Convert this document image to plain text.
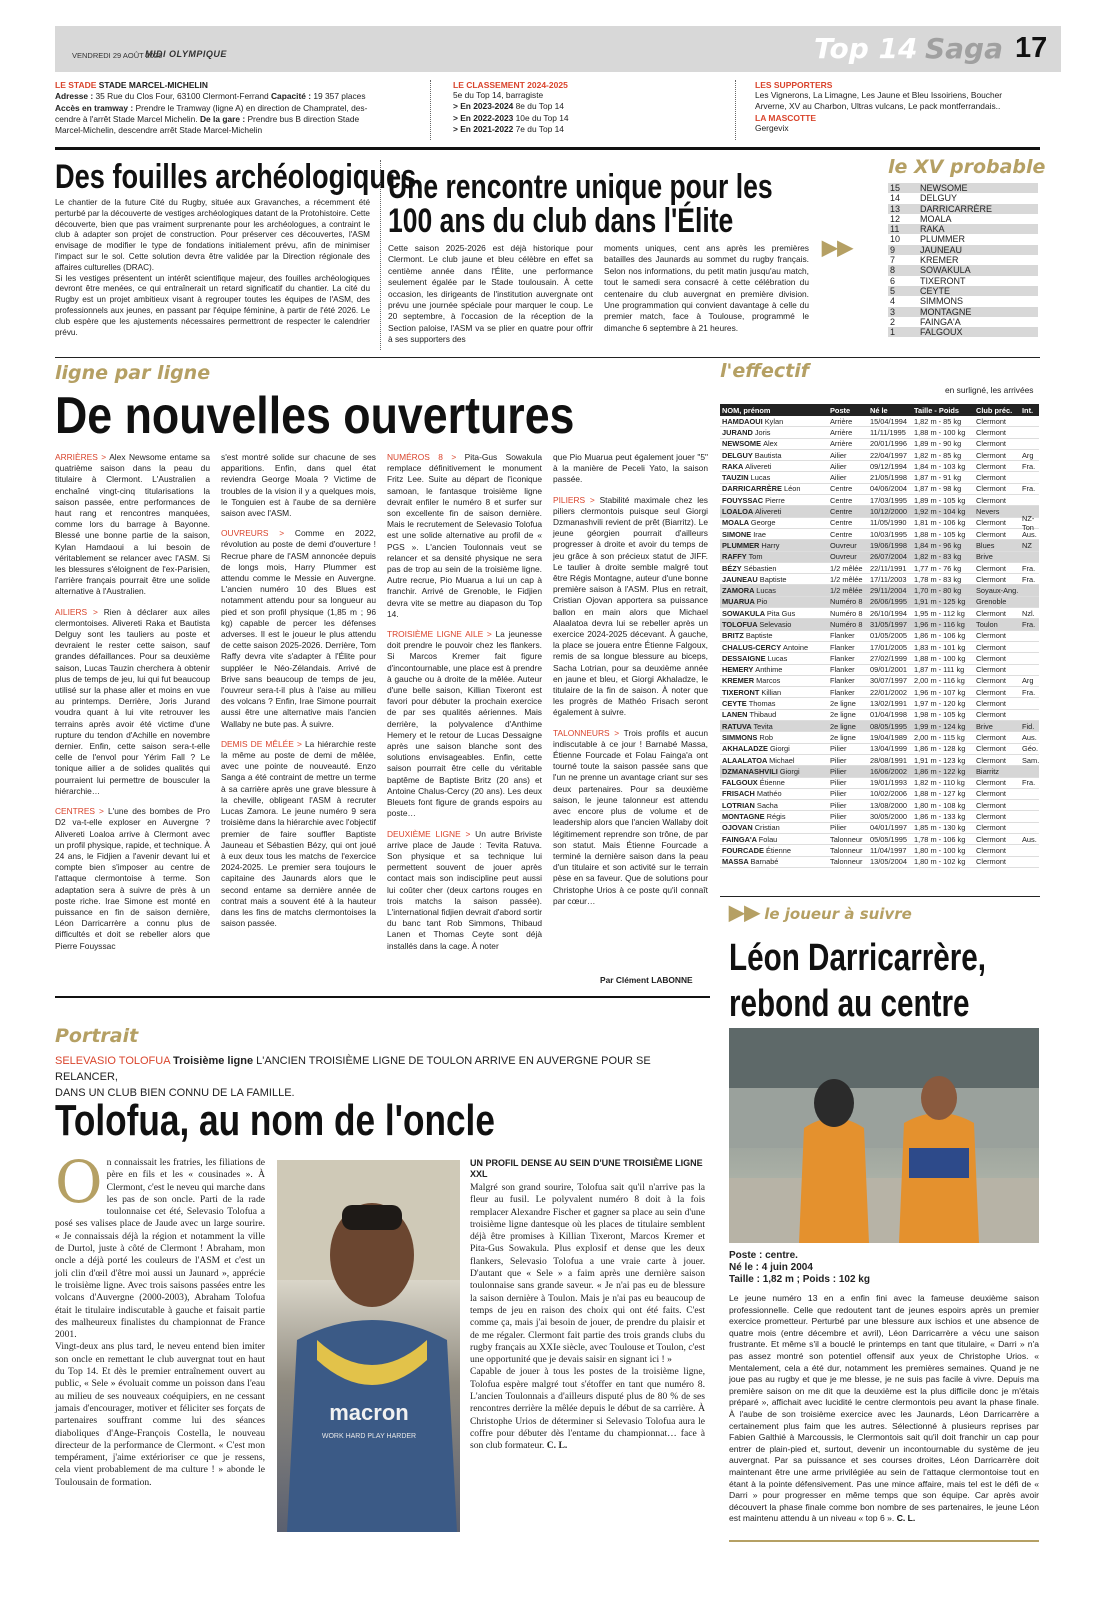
VENDREDI 29 AOÛT 2025
MIDI OLYMPIQUE	Top 14 Saga 17
LE STADE STADE MARCEL-MICHELIN
Adresse : 35 Rue du Clos Four, 63100 Clermont-Ferrand Capacité : 19 357 places
Accès en tramway : Prendre le Tramway (ligne A) en direction de Champratel, des-
cendre à l'arrêt Stade Marcel Michelin. De la gare : Prendre bus B direction Stade
Marcel-Michelin, descendre arrêt Stade Marcel-Michelin
LE CLASSEMENT 2024-2025
5e du Top 14, barragiste
> En 2023-2024 8e du Top 14
> En 2022-2023 10e du Top 14
> En 2021-2022 7e du Top 14
LES SUPPORTERS
Les Vignerons, La Limagne, Les Jaune et Bleu Issoiriens, Boucher
Arverne, XV au Charbon, Ultras vulcans, Le pack montferrandais..
LA MASCOTTE
Gergevix
Des fouilles archéologiques

Le chantier de la future Cité du Rugby, située aux Gravanches, a récemment été perturbé par la découverte de vestiges archéologiques datant de la Protohistoire. Cette découverte, bien que pas vraiment surprenante pour les archéologues, a contraint le club à adapter son projet de construction. Pour préserver ces découvertes, l'ASM envisage de modifier le type de fondations initialement prévu, afin de minimiser l'impact sur le sol. Cette solution devra être validée par la Direction régionale des affaires culturelles (DRAC).

Si les vestiges présentent un intérêt scientifique majeur, des fouilles archéologiques devront être menées, ce qui entraînerait un retard significatif du chantier. La cité du Rugby est un projet ambitieux visant à regrouper toutes les équipes de l'ASM, des professionnels aux jeunes, en passant par l'équipe féminine, à partir de l'été 2026. Le club espère que les ajustements nécessaires permettront de respecter le calendrier prévu.

Une rencontre unique pour les 100 ans du club dans l'Élite
Cette saison 2025-2026 est déjà historique pour Clermont. Le club jaune et bleu célèbre en effet sa centième année dans l'Élite, une performance seulement égalée par le Stade toulousain. À cette occasion, les dirigeants de l'institution auvergnate ont prévu une journée spéciale pour marquer le coup. Le 20 septembre, à l'occasion de la réception de la Section paloise, l'ASM va se plier en quatre pour offrir à ses supporters des
moments uniques, cent ans après les premières batailles des Jaunards au sommet du rugby français. Selon nos informations, du petit matin jusqu'au match, tout le samedi sera consacré à cette célébration du centenaire du club auvergnat en première division. Une programmation qui convient davantage à celle du premier match, face à Toulouse, programmé le dimanche 6 septembre à 21 heures.
▶▶
le XV probable
15	NEWSOME
14	DELGUY
13	DARRICARRÈRE
12	MOALA
11	RAKA
10	PLUMMER
9	JAUNEAU
7	KREMER
8	SOWAKULA
6	TIXERONT
5	CEYTE
4	SIMMONS
3	MONTAGNE
2	FAINGA'A
1	FALGOUX
ligne par ligne
De nouvelles ouvertures

ARRIÈRES > Alex Newsome entame sa quatrième saison dans la peau du titulaire à Clermont. L'Australien a enchaîné vingt-cinq titularisations la saison passée, entre performances de haut rang et rencontres manquées, comme lors du barrage à Bayonne. Blessé une bonne partie de la saison, Kylan Hamdaoui a lui besoin de véritablement se relancer avec l'ASM. Si les blessures s'éloignent de l'ex-Parisien, l'arrière français pourrait être une solide alternative à l'Australien.

AILIERS > Rien à déclarer aux ailes clermontoises. Alivereti Raka et Bautista Delguy sont les tauliers au poste et devraient le rester cette saison, sauf grandes défaillances. Pour sa deuxième saison, Lucas Tauzin cherchera à obtenir plus de temps de jeu, lui qui fut beaucoup utilisé sur la phase aller et moins en vue au printemps. Derrière, Joris Jurand voudra quant à lui vite retrouver les terrains après avoir été victime d'une rupture du tendon d'Achille en novembre dernier. Enfin, cette saison sera-t-elle celle de l'envol pour Yérim Fall ? Le tonique ailier a de solides qualités qui pourraient lui permettre de bousculer la hiérarchie…

CENTRES > L'une des bombes de Pro D2 va-t-elle exploser en Auvergne ? Alivereti Loaloa arrive à Clermont avec un profil physique, rapide, et technique. À 24 ans, le Fidjien a l'avenir devant lui et compte bien s'imposer au centre de l'attaque clermontoise à terme. Son adaptation sera à suivre de près à un poste riche. Irae Simone est monté en puissance en fin de saison dernière, Léon Darricarrère a connu plus de difficultés et doit se rebeller alors que Pierre Fouyssac

s'est montré solide sur chacune de ses apparitions. Enfin, dans quel état reviendra George Moala ? Victime de troubles de la vision il y a quelques mois, le Tonguien est à l'aube de sa dernière saison avec l'ASM.

OUVREURS > Comme en 2022, révolution au poste de demi d'ouverture ! Recrue phare de l'ASM annoncée depuis de longs mois, Harry Plummer est attendu comme le Messie en Auvergne. L'ancien numéro 10 des Blues est notamment attendu pour sa longueur au pied et son profil physique (1,85 m ; 96 kg) capable de percer les défenses adverses. Il est le joueur le plus attendu de cette saison 2025-2026. Derrière, Tom Raffy devra vite s'adapter à l'Élite pour suppléer le Néo-Zélandais. Arrivé de Brive sans beaucoup de temps de jeu, l'ouvreur sera-t-il plus à l'aise au milieu des volcans ? Enfin, Irae Simone pourrait aussi être une alternative mais l'ancien Wallaby ne bute pas. À suivre.

DEMIS DE MÊLÉE > La hiérarchie reste la même au poste de demi de mêlée, avec une pointe de nouveauté. Enzo Sanga a été contraint de mettre un terme à sa carrière après une grave blessure à la cheville, obligeant l'ASM à recruter Lucas Zamora. Le jeune numéro 9 sera troisième dans la hiérarchie avec l'objectif premier de faire souffler Baptiste Jauneau et Sébastien Bézy, qui ont joué à eux deux tous les matchs de l'exercice 2024-2025. Le premier sera toujours le capitaine des Jaunards alors que le second entame sa dernière année de contrat mais a souvent été à la hauteur dans les fins de matchs clermontoises la saison passée.

NUMÉROS 8 > Pita-Gus Sowakula remplace définitivement le monument Fritz Lee. Suite au départ de l'iconique samoan, le fantasque troisième ligne devrait enfiler le numéro 8 et surfer sur son excellente fin de saison dernière. Mais le recrutement de Selevasio Tolofua est une solide alternative au profil de « PGS ». L'ancien Toulonnais veut se relancer et sa densité physique ne sera pas de trop au sein de la troisième ligne. Autre recrue, Pio Muarua a lui un cap à franchir. Arrivé de Grenoble, le Fidjien devra vite se mettre au diapason du Top 14.

TROISIÈME LIGNE AILE > La jeunesse doit prendre le pouvoir chez les flankers. Si Marcos Kremer fait figure d'incontournable, une place est à prendre à gauche ou à droite de la mêlée. Auteur d'une belle saison, Killian Tixeront est favori pour débuter la prochain exercice de par ses qualités aériennes. Mais derrière, la polyvalence d'Anthime Hemery et le retour de Lucas Dessaigne après une saison blanche sont des solutions envisageables. Enfin, cette saison pourrait être celle du véritable baptême de Baptiste Britz (20 ans) et Antoine Chalus-Cercy (20 ans). Les deux Bleuets font figure de grands espoirs au poste…

DEUXIÈME LIGNE > Un autre Briviste arrive place de Jaude : Tevita Ratuva. Son physique et sa technique lui permettent souvent de jouer après contact mais son indiscipline peut aussi lui coûter cher (deux cartons rouges en trois matchs la saison passée). L'international fidjien devrait d'abord sortir du banc tant Rob Simmons, Thibaud Lanen et Thomas Ceyte sont déjà installés dans la cage. À noter

que Pio Muarua peut également jouer "5" à la manière de Peceli Yato, la saison passée.

PILIERS > Stabilité maximale chez les piliers clermontois puisque seul Giorgi Dzmanashvili revient de prêt (Biarritz). Le jeune géorgien pourrait d'ailleurs progresser à droite et avoir du temps de jeu grâce à son précieux statut de JIFF. Le taulier à droite semble malgré tout être Régis Montagne, auteur d'une bonne première saison à l'ASM. Plus en retrait, Cristian Ojovan apportera sa puissance ballon en main alors que Michael Alaalatoa devra lui se rebeller après un exercice 2024-2025 décevant. À gauche, la place se jouera entre Étienne Falgoux, remis de sa longue blessure au biceps, Sacha Lotrian, pour sa deuxième année en jaune et bleu, et Giorgi Akhaladze, le titulaire de la fin de saison. À noter que les progrès de Mathéo Frisach seront également à suivre.

TALONNEURS > Trois profils et aucun indiscutable à ce jour ! Barnabé Massa, Étienne Fourcade et Folau Fainga'a ont tourné toute la saison passée sans que l'un ne prenne un avantage criant sur ses deux partenaires. Pour sa deuxième saison, le jeune talonneur est attendu avec encore plus de volume et de leadership alors que l'ancien Wallaby doit légitimement reprendre son trône, de par son statut. Mais Étienne Fourcade a terminé la dernière saison dans la peau d'un titulaire et son activité sur le terrain pèse en sa faveur. Que de solutions pour Christophe Urios à ce poste qu'il connaît par cœur…

Par Clément LABONNE
l'effectif
en surligné, les arrivées
NOM, prénom	Poste	Né le	Taille - Poids	Club préc.	Int.
HAMDAOUI Kylan	Arrière	15/04/1994 1,82 m - 85 kg	Clermont
JURAND Joris	Arrière	11/11/1995	1,88 m - 100 kg	Clermont
NEWSOME Alex	Arrière	20/01/1996 1,89 m - 90 kg	Clermont
DELGUY Bautista	Ailier	22/04/1997 1,82 m - 85 kg	Clermont	Arg
RAKA Alivereti	Ailier	09/12/1994 1,84 m - 103 kg	Clermont	Fra.
TAUZIN Lucas	Ailier	21/05/1998 1,87 m - 91 kg	Clermont
DARRICARRÈRE Léon	Centre	04/06/2004 1,87 m - 98 kg	Clermont	Fra.
FOUYSSAC Pierre	Centre	17/03/1995 1,89 m - 105 kg	Clermont
LOALOA Alivereti	Centre	10/12/2000 1,92 m - 104 kg	Nevers
MOALA George	Centre	11/05/1990	1,81 m - 106 kg	Clermont	NZ-Ton
SIMONE Irae	Centre	10/03/1995 1,88 m - 105 kg	Clermont	Aus.
PLUMMER Harry	Ouvreur	19/06/1998 1,84 m - 96 kg	Blues	NZ
RAFFY Tom	Ouvreur	26/07/2004 1,82 m - 83 kg	Brive
BÉZY Sébastien	1/2 mêlée	22/11/1991	1,77 m - 76 kg	Clermont	Fra.
JAUNEAU Baptiste	1/2 mêlée	17/11/2003	1,78 m - 83 kg	Clermont	Fra.
ZAMORA Lucas	1/2 mêlée	29/11/2004	1,70 m - 80 kg	Soyaux-Ang.
MUARUA Pio	Numéro 8	26/06/1995 1,91 m - 125 kg	Grenoble
SOWAKULA Pita Gus	Numéro 8	26/10/1994 1,95 m - 112 kg	Clermont	Nzl.
TOLOFUA Selevasio	Numéro 8	31/05/1997 1,96 m - 116 kg	Toulon	Fra.
BRITZ Baptiste	Flanker	01/05/2005 1,86 m - 106 kg	Clermont
CHALUS-CERCY Antoine	Flanker	17/01/2005 1,83 m - 101 kg	Clermont
DESSAIGNE Lucas	Flanker	27/02/1999 1,88 m - 100 kg	Clermont
HEMERY Anthime	Flanker	09/01/2001 1,87 m - 111 kg	Clermont
KREMER Marcos	Flanker	30/07/1997 2,00 m - 116 kg	Clermont	Arg
TIXERONT Killian	Flanker	22/01/2002 1,96 m - 107 kg	Clermont	Fra.
CEYTE Thomas	2e ligne	13/02/1991 1,97 m - 120 kg	Clermont
LANEN Thibaud	2e ligne	01/04/1998 1,98 m - 105 kg	Clermont
RATUVA Tevita	2e ligne	08/05/1995 1,99 m - 124 kg	Brive	Fid.
SIMMONS Rob	2e ligne	19/04/1989 2,00 m - 115 kg	Clermont	Aus.
AKHALADZE Giorgi	Pilier	13/04/1999 1,86 m - 128 kg	Clermont	Géo.
ALAALATOA Michael	Pilier	28/08/1991 1,91 m - 123 kg	Clermont	Sam.
DZMANASHVILI Giorgi	Pilier	16/06/2002 1,86 m - 122 kg	Biarritz
FALGOUX Étienne	Pilier	19/01/1993 1,82 m - 110 kg	Clermont	Fra.
FRISACH Mathéo	Pilier	10/02/2006 1,88 m - 127 kg	Clermont
LOTRIAN Sacha	Pilier	13/08/2000 1,80 m - 108 kg	Clermont
MONTAGNE Régis	Pilier	30/05/2000 1,86 m - 133 kg	Clermont
OJOVAN Cristian	Pilier	04/01/1997 1,85 m - 130 kg	Clermont
FAINGA'A Folau	Talonneur	05/05/1995 1,78 m - 106 kg	Clermont	Aus.
FOURCADE Étienne	Talonneur	11/04/1997	1,80 m - 100 kg	Clermont
MASSA Barnabé	Talonneur	13/05/2004 1,80 m - 102 kg	Clermont
Portrait
SELEVASIO TOLOFUA Troisième ligne L'ANCIEN TROISIÈME LIGNE DE TOULON ARRIVE EN AUVERGNE POUR SE RELANCER,
DANS UN CLUB BIEN CONNU DE LA FAMILLE.
Tolofua, au nom de l'oncle
O n connaissait les fratries, les filiations de père en fils et les « cousinades ». À Clermont, c'est le neveu qui marche dans les pas de son oncle. Parti de la rade toulonnaise cet été, Selevasio Tolofua a posé ses valises place de Jaude avec un large sourire. « Je connaissais déjà la région et notamment la ville de Durtol, juste à côté de Clermont ! Abraham, mon oncle a déjà porté les couleurs de l'ASM et c'est un joli clin d'œil d'être moi aussi un Jaunard », apprécie le troisième ligne. Avec trois saisons passées entre les volcans d'Auvergne (2000-2003), Abraham Tolofua était le titulaire indiscutable à gauche et faisait partie des malheureux finalistes du championnat de France 2001.

Vingt-deux ans plus tard, le neveu entend bien imiter son oncle en remettant le club auvergnat tout en haut du Top 14. Et dès le premier entraînement ouvert au public, « Sele » évoluait comme un poisson dans l'eau au milieu de ses nouveaux coéquipiers, en ne cessant jamais d'encourager, motiver et féliciter ses forçats de partenaires souffrant comme lui des séances diaboliques d'Ange-François Costella, le nouveau directeur de la performance de Clermont. « C'est mon tempérament, j'aime extérioriser ce que je ressens, cela vient probablement de ma culture ! » abonde le Toulousain de formation.

macron
WORK HARD PLAY HARDER
UN PROFIL DENSE AU SEIN D'UNE TROISIÈME LIGNE XXL

Malgré son grand sourire, Tolofua sait qu'il n'arrive pas la fleur au fusil. Le polyvalent numéro 8 doit à la fois remplacer Alexandre Fischer et gagner sa place au sein d'une troisième ligne dantesque où les places de titulaire semblent déjà être promises à Killian Tixeront, Marcos Kremer et Pita-Gus Sowakula. Plus explosif et dense que les deux flankers, Selevasio Tolofua a une vraie carte à jouer. D'autant que « Sele » a faim après une dernière saison toulonnaise sans grande saveur. « Je n'ai pas eu de blessure la saison dernière à Toulon. Mais je n'ai pas eu beaucoup de temps de jeu en raison des choix qui ont été faits. C'est comme ça, mais j'ai besoin de jouer, de prendre du plaisir et de me régaler. Clermont fait partie des trois grands clubs du rugby français au XXIe siècle, avec Toulouse et Toulon, c'est une opportunité que je devais saisir en signant ici ! »

Capable de jouer à tous les postes de la troisième ligne, Tolofua espère malgré tout s'étoffer en tant que numéro 8. L'ancien Toulonnais a d'ailleurs disputé plus de 80 % de ses rencontres derrière la mêlée depuis le début de sa carrière. À Christophe Urios de déterminer si Selevasio Tolofua aura le coffre pour débuter dès l'entame du championnat… face à son club formateur. C. L.

▶▶ le joueur à suivre
Léon Darricarrère, rebond au centre
Poste : centre.
Né le : 4 juin 2004
Taille : 1,82 m ; Poids : 102 kg
Le jeune numéro 13 en a enfin fini avec la fameuse deuxième saison professionnelle. Celle que redoutent tant de jeunes espoirs après un premier exercice prometteur. Perturbé par une blessure aux ischios et une absence de quatre mois (entre décembre et avril), Léon Darricarrère a vécu une saison frustrante. Et même s'il a bouclé le printemps en tant que titulaire, « Darri » n'a pas assez montré son potentiel offensif aux yeux de Christophe Urios. « Mentalement, cela a été dur, notamment les premières semaines. Quand je ne joue pas au rugby et que je me blesse, je ne suis pas facile à vivre. Depuis ma première saison on me dit que la deuxième est la plus difficile donc je m'étais préparé », affichait avec lucidité le centre clermontois peu avant la phase finale. À l'aube de son troisième exercice avec les Jaunards, Léon Darricarrère a certainement plus faim que les autres. Sélectionné à plusieurs reprises par Fabien Galthié à Marcoussis, le Clermontois sait qu'il doit franchir un cap pour entrer de plain-pied et, surtout, devenir un incontournable du système de jeu auvergnat. Par sa puissance et ses courses droites, Léon Darricarrère doit maintenant être une arme privilégiée au sein de l'attaque clermontoise tout en étant à la pointe défensivement. Pas une mince affaire, mais tel est le défi de « Darri » pour progresser en même temps que son équipe. Car après avoir découvert la phase finale comme bon nombre de ses partenaires, le jeune Léon est maintenu attendu à un niveau « top 6 ». C. L.
